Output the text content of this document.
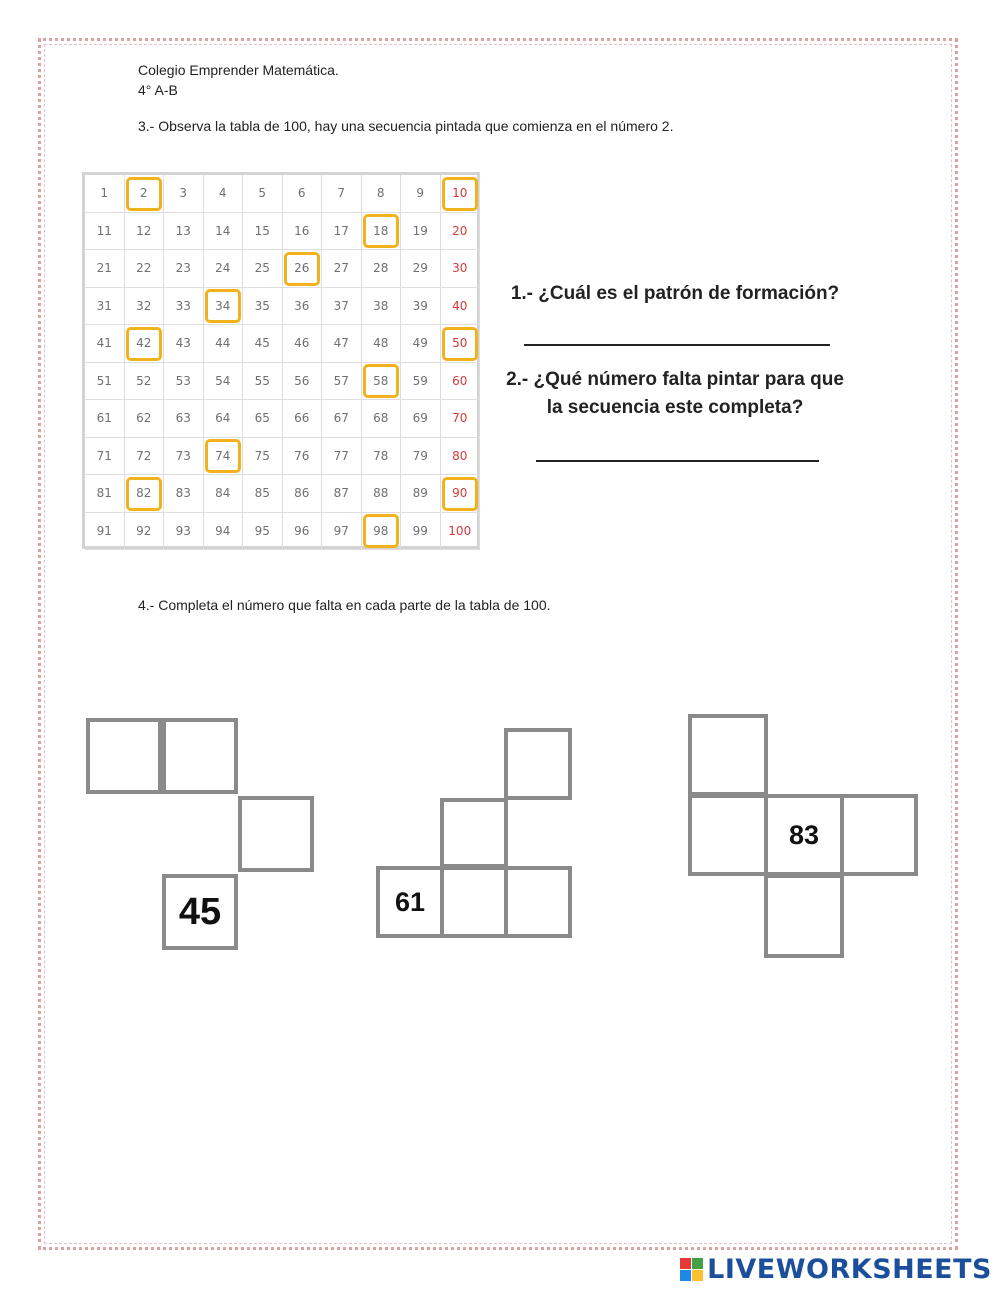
Colegio Emprender Matemática.
4° A-B
3.- Observa la tabla de 100, hay una secuencia pintada que comienza en el número 2.
1	2	3	4	5	6	7	8	9	10
11	12	13	14	15	16	17	18	19	20
21	22	23	24	25	26	27	28	29	30
31	32	33	34	35	36	37	38	39	40
41	42	43	44	45	46	47	48	49	50
51	52	53	54	55	56	57	58	59	60
61	62	63	64	65	66	67	68	69	70
71	72	73	74	75	76	77	78	79	80
81	82	83	84	85	86	87	88	89	90
91	92	93	94	95	96	97	98	99	100
1.- ¿Cuál es el patrón de formación?
2.- ¿Qué número falta pintar para que
la secuencia este completa?
4.- Completa el número que falta en cada parte de la tabla de 100.
45	61
83
LIVEWORKSHEETS
